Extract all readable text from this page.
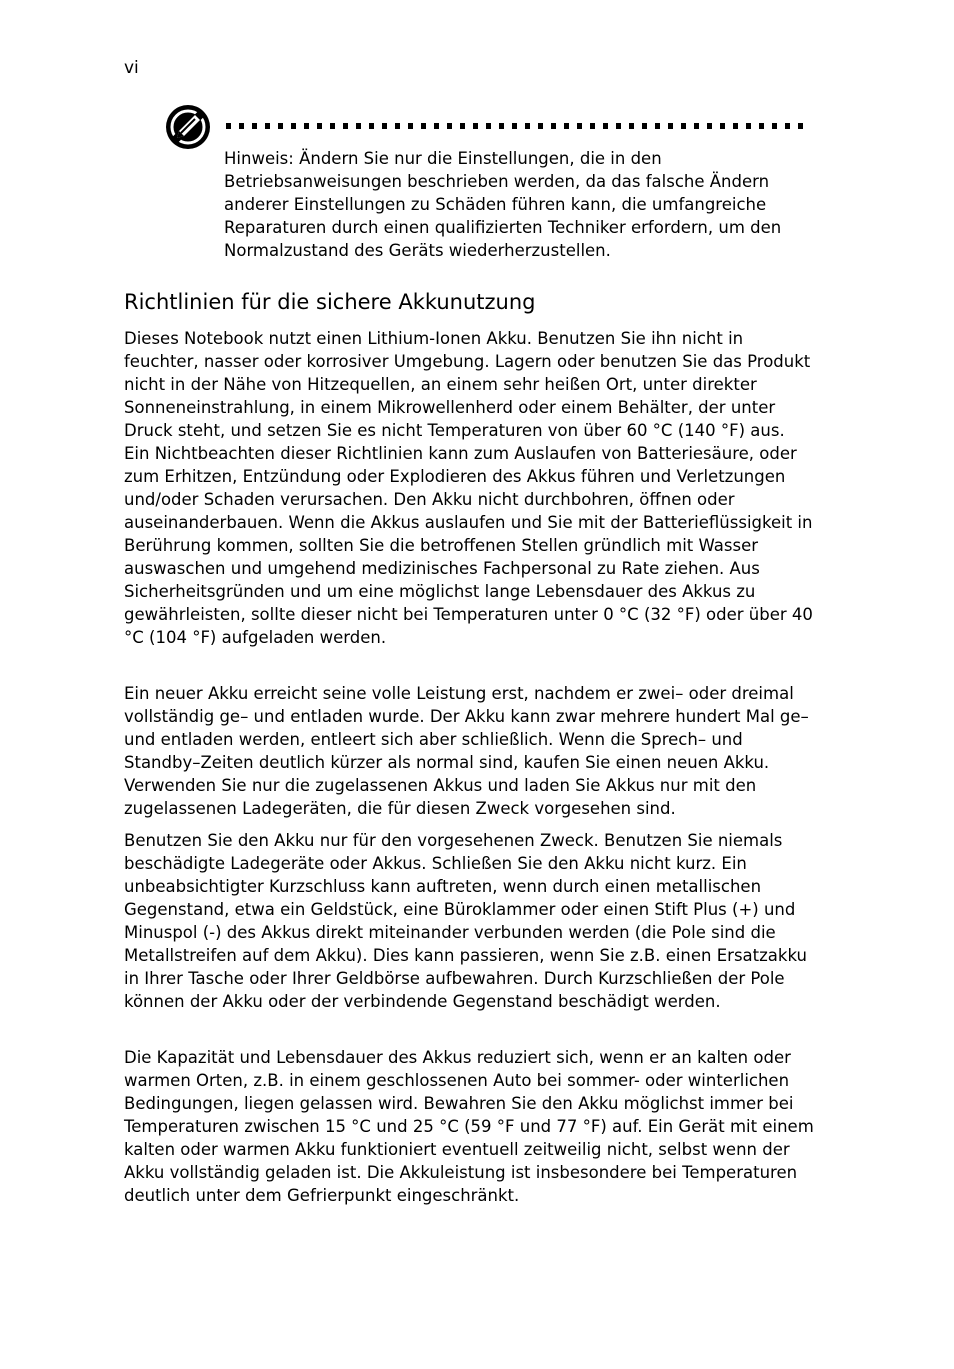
vi
Hinweis: Ändern Sie nur die Einstellungen, die in den Betriebsanweisungen beschrieben werden, da das falsche Ändern anderer Einstellungen zu Schäden führen kann, die umfangreiche Reparaturen durch einen qualifizierten Techniker erfordern, um den Normalzustand des Geräts wiederherzustellen.
Richtlinien für die sichere Akkunutzung

Dieses Notebook nutzt einen Lithium-Ionen Akku. Benutzen Sie ihn nicht in feuchter, nasser oder korrosiver Umgebung. Lagern oder benutzen Sie das Produkt nicht in der Nähe von Hitzequellen, an einem sehr heißen Ort, unter direkter Sonneneinstrahlung, in einem Mikrowellenherd oder einem Behälter, der unter Druck steht, und setzen Sie es nicht Temperaturen von über 60 °C (140 °F) aus. Ein Nichtbeachten dieser Richtlinien kann zum Auslaufen von Batteriesäure, oder zum Erhitzen, Entzündung oder Explodieren des Akkus führen und Verletzungen und/oder Schaden verursachen. Den Akku nicht durchbohren, öffnen oder auseinanderbauen. Wenn die Akkus auslaufen und Sie mit der Batterieflüssigkeit in Berührung kommen, sollten Sie die betroffenen Stellen gründlich mit Wasser auswaschen und umgehend medizinisches Fachpersonal zu Rate ziehen. Aus Sicherheitsgründen und um eine möglichst lange Lebensdauer des Akkus zu gewährleisten, sollte dieser nicht bei Temperaturen unter 0 °C (32 °F) oder über 40 °C (104 °F) aufgeladen werden.

Ein neuer Akku erreicht seine volle Leistung erst, nachdem er zwei– oder dreimal vollständig ge– und entladen wurde. Der Akku kann zwar mehrere hundert Mal ge– und entladen werden, entleert sich aber schließlich. Wenn die Sprech– und Standby–Zeiten deutlich kürzer als normal sind, kaufen Sie einen neuen Akku. Verwenden Sie nur die zugelassenen Akkus und laden Sie Akkus nur mit den zugelassenen Ladegeräten, die für diesen Zweck vorgesehen sind.

Benutzen Sie den Akku nur für den vorgesehenen Zweck. Benutzen Sie niemals beschädigte Ladegeräte oder Akkus. Schließen Sie den Akku nicht kurz. Ein unbeabsichtigter Kurzschluss kann auftreten, wenn durch einen metallischen Gegenstand, etwa ein Geldstück, eine Büroklammer oder einen Stift Plus (+) und Minuspol (-) des Akkus direkt miteinander verbunden werden (die Pole sind die Metallstreifen auf dem Akku). Dies kann passieren, wenn Sie z.B. einen Ersatzakku in Ihrer Tasche oder Ihrer Geldbörse aufbewahren. Durch Kurzschließen der Pole können der Akku oder der verbindende Gegenstand beschädigt werden.

Die Kapazität und Lebensdauer des Akkus reduziert sich, wenn er an kalten oder warmen Orten, z.B. in einem geschlossenen Auto bei sommer- oder winterlichen Bedingungen, liegen gelassen wird. Bewahren Sie den Akku möglichst immer bei Temperaturen zwischen 15 °C und 25 °C (59 °F und 77 °F) auf. Ein Gerät mit einem kalten oder warmen Akku funktioniert eventuell zeitweilig nicht, selbst wenn der Akku vollständig geladen ist. Die Akkuleistung ist insbesondere bei Temperaturen deutlich unter dem Gefrierpunkt eingeschränkt.
